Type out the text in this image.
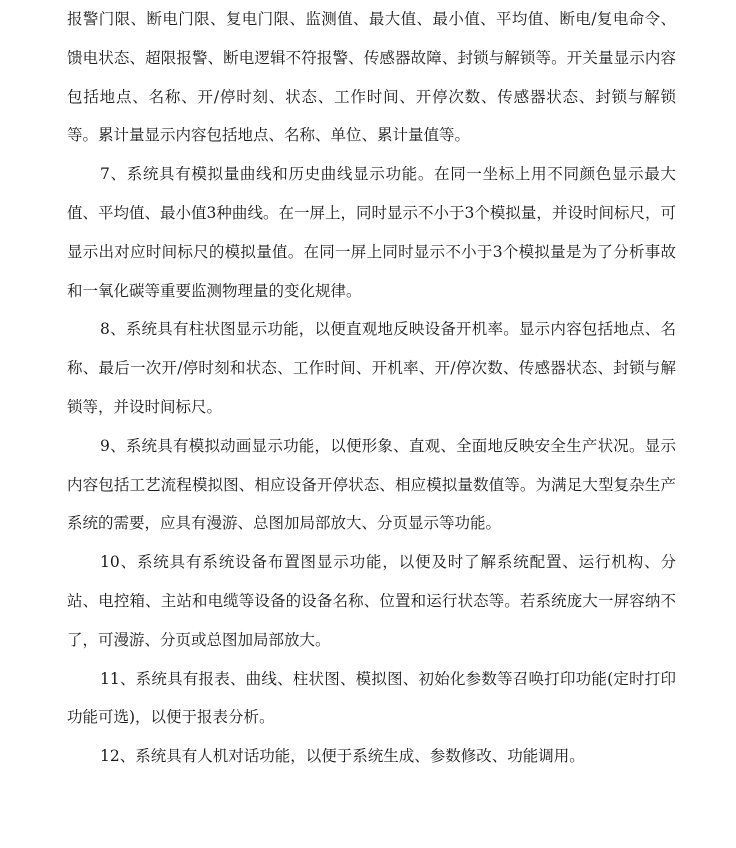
报警门限、断电门限、复电门限、监测值、最大值、最小值、平均值、断电/复电命令、馈电状态、超限报警、断电逻辑不符报警、传感器故障、封锁与解锁等。开关量显示内容包括地点、名称、开/停时刻、状态、工作时间、开停次数、传感器状态、封锁与解锁等。累计量显示内容包括地点、名称、单位、累计量值等。

7、系统具有模拟量曲线和历史曲线显示功能。在同一坐标上用不同颜色显示最大值、平均值、最小值3种曲线。在一屏上，同时显示不小于3个模拟量，并设时间标尺，可显示出对应时间标尺的模拟量值。在同一屏上同时显示不小于3个模拟量是为了分析事故和一氧化碳等重要监测物理量的变化规律。

8、系统具有柱状图显示功能，以便直观地反映设备开机率。显示内容包括地点、名称、最后一次开/停时刻和状态、工作时间、开机率、开/停次数、传感器状态、封锁与解锁等，并设时间标尺。

9、系统具有模拟动画显示功能，以便形象、直观、全面地反映安全生产状况。显示内容包括工艺流程模拟图、相应设备开停状态、相应模拟量数值等。为满足大型复杂生产系统的需要，应具有漫游、总图加局部放大、分页显示等功能。

10、系统具有系统设备布置图显示功能，以便及时了解系统配置、运行机构、分站、电控箱、主站和电缆等设备的设备名称、位置和运行状态等。若系统庞大一屏容纳不了，可漫游、分页或总图加局部放大。

11、系统具有报表、曲线、柱状图、模拟图、初始化参数等召唤打印功能(定时打印功能可选)，以便于报表分析。

12、系统具有人机对话功能，以便于系统生成、参数修改、功能调用。
